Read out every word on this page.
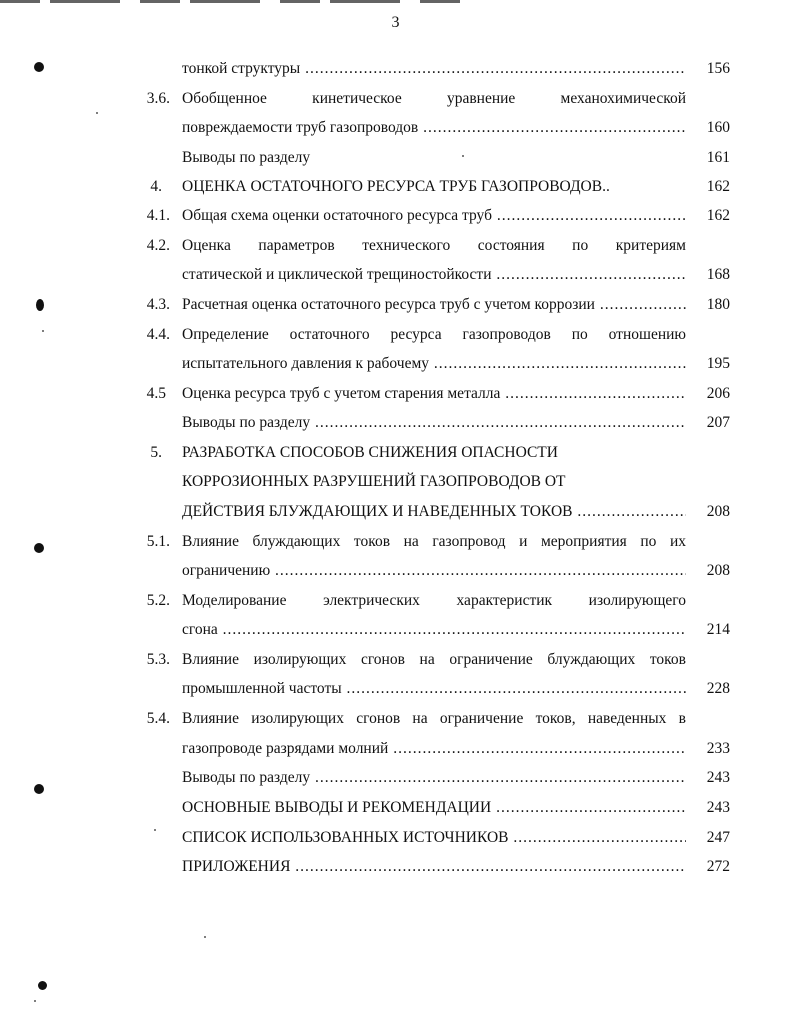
3
тонкой структуры .....	156
3.6. Обобщенное кинетическое уравнение механохимической
повреждаемости труб газопроводов .....	160
Выводы по разделу	161
4. ОЦЕНКА ОСТАТОЧНОГО РЕСУРСА ТРУБ ГАЗОПРОВОДОВ..	162
4.1. Общая схема оценки остаточного ресурса труб .....	162
4.2. Оценка параметров технического состояния по критериям
статической и циклической трещиностойкости .....	168
4.3. Расчетная оценка остаточного ресурса труб с учетом коррозии .....	180
4.4. Определение остаточного ресурса газопроводов по отношению
испытательного давления к рабочему .....	195
4.5 Оценка ресурса труб с учетом старения металла .....	206
Выводы по разделу .....	207
5. РАЗРАБОТКА СПОСОБОВ СНИЖЕНИЯ ОПАСНОСТИ
КОРРОЗИОННЫХ РАЗРУШЕНИЙ ГАЗОПРОВОДОВ ОТ
ДЕЙСТВИЯ БЛУЖДАЮЩИХ И НАВЕДЕННЫХ ТОКОВ .....	208
5.1. Влияние блуждающих токов на газопровод и мероприятия по их
ограничению .....	208
5.2. Моделирование электрических характеристик изолирующего
сгона .....	214
5.3. Влияние изолирующих сгонов на ограничение блуждающих токов
промышленной частоты .....	228
5.4. Влияние изолирующих сгонов на ограничение токов, наведенных в
газопроводе разрядами молний .....	233
Выводы по разделу .....	243
ОСНОВНЫЕ ВЫВОДЫ И РЕКОМЕНДАЦИИ .....	243
СПИСОК ИСПОЛЬЗОВАННЫХ ИСТОЧНИКОВ .....	247
ПРИЛОЖЕНИЯ .....	272
